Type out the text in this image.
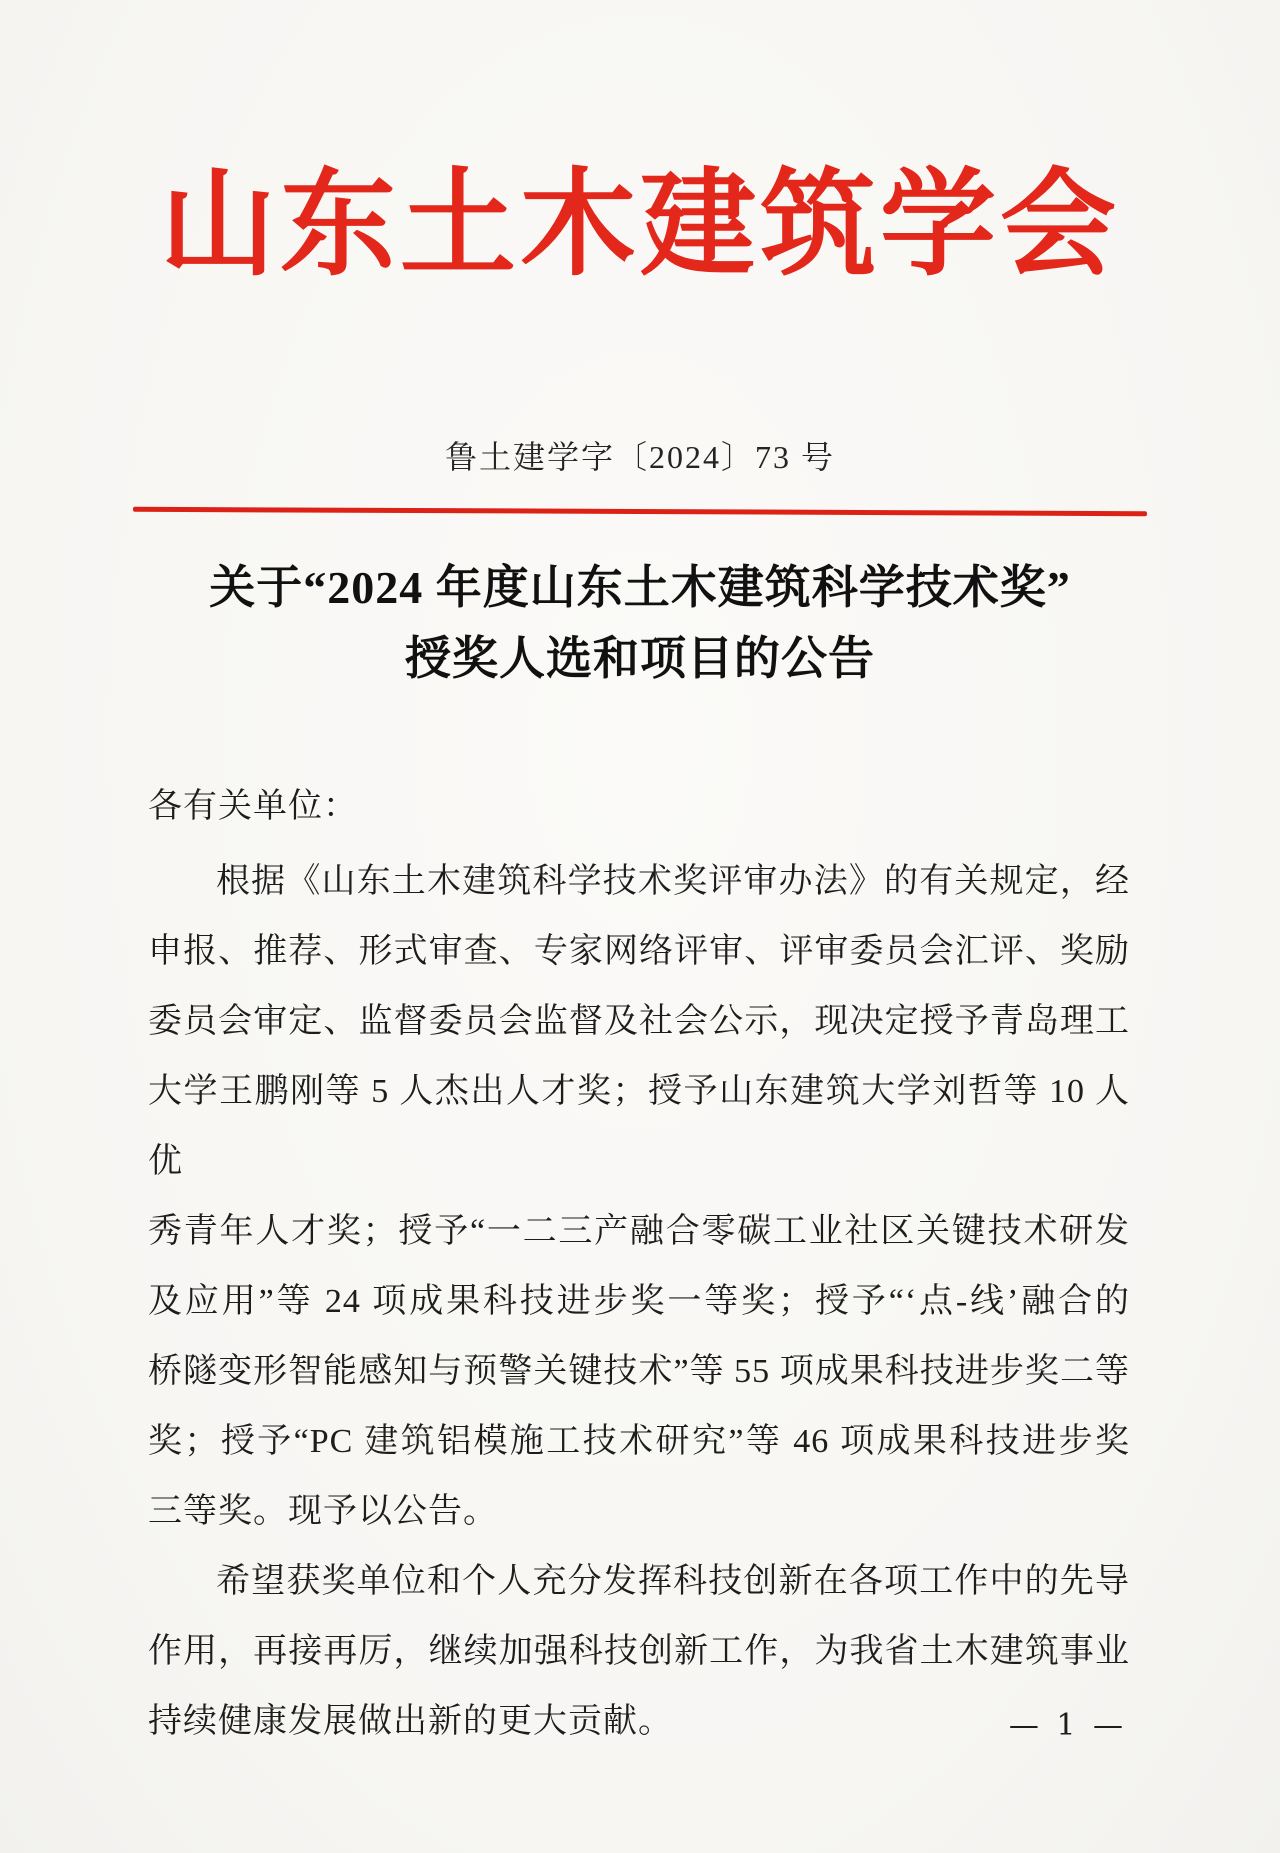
山东土木建筑学会
鲁土建学字〔2024〕73 号
关于“2024 年度山东土木建筑科学技术奖”
授奖人选和项目的公告
各有关单位：
根据《山东土木建筑科学技术奖评审办法》的有关规定，经
申报、推荐、形式审查、专家网络评审、评审委员会汇评、奖励
委员会审定、监督委员会监督及社会公示，现决定授予青岛理工
大学王鹏刚等 5 人杰出人才奖；授予山东建筑大学刘哲等 10 人优
秀青年人才奖；授予“一二三产融合零碳工业社区关键技术研发
及应用”等 24 项成果科技进步奖一等奖；授予“‘点-线’融合的
桥隧变形智能感知与预警关键技术”等 55 项成果科技进步奖二等
奖；授予“PC 建筑铝模施工技术研究”等 46 项成果科技进步奖
三等奖。现予以公告。
希望获奖单位和个人充分发挥科技创新在各项工作中的先导
作用，再接再厉，继续加强科技创新工作，为我省土木建筑事业
持续健康发展做出新的更大贡献。	— 1 —
